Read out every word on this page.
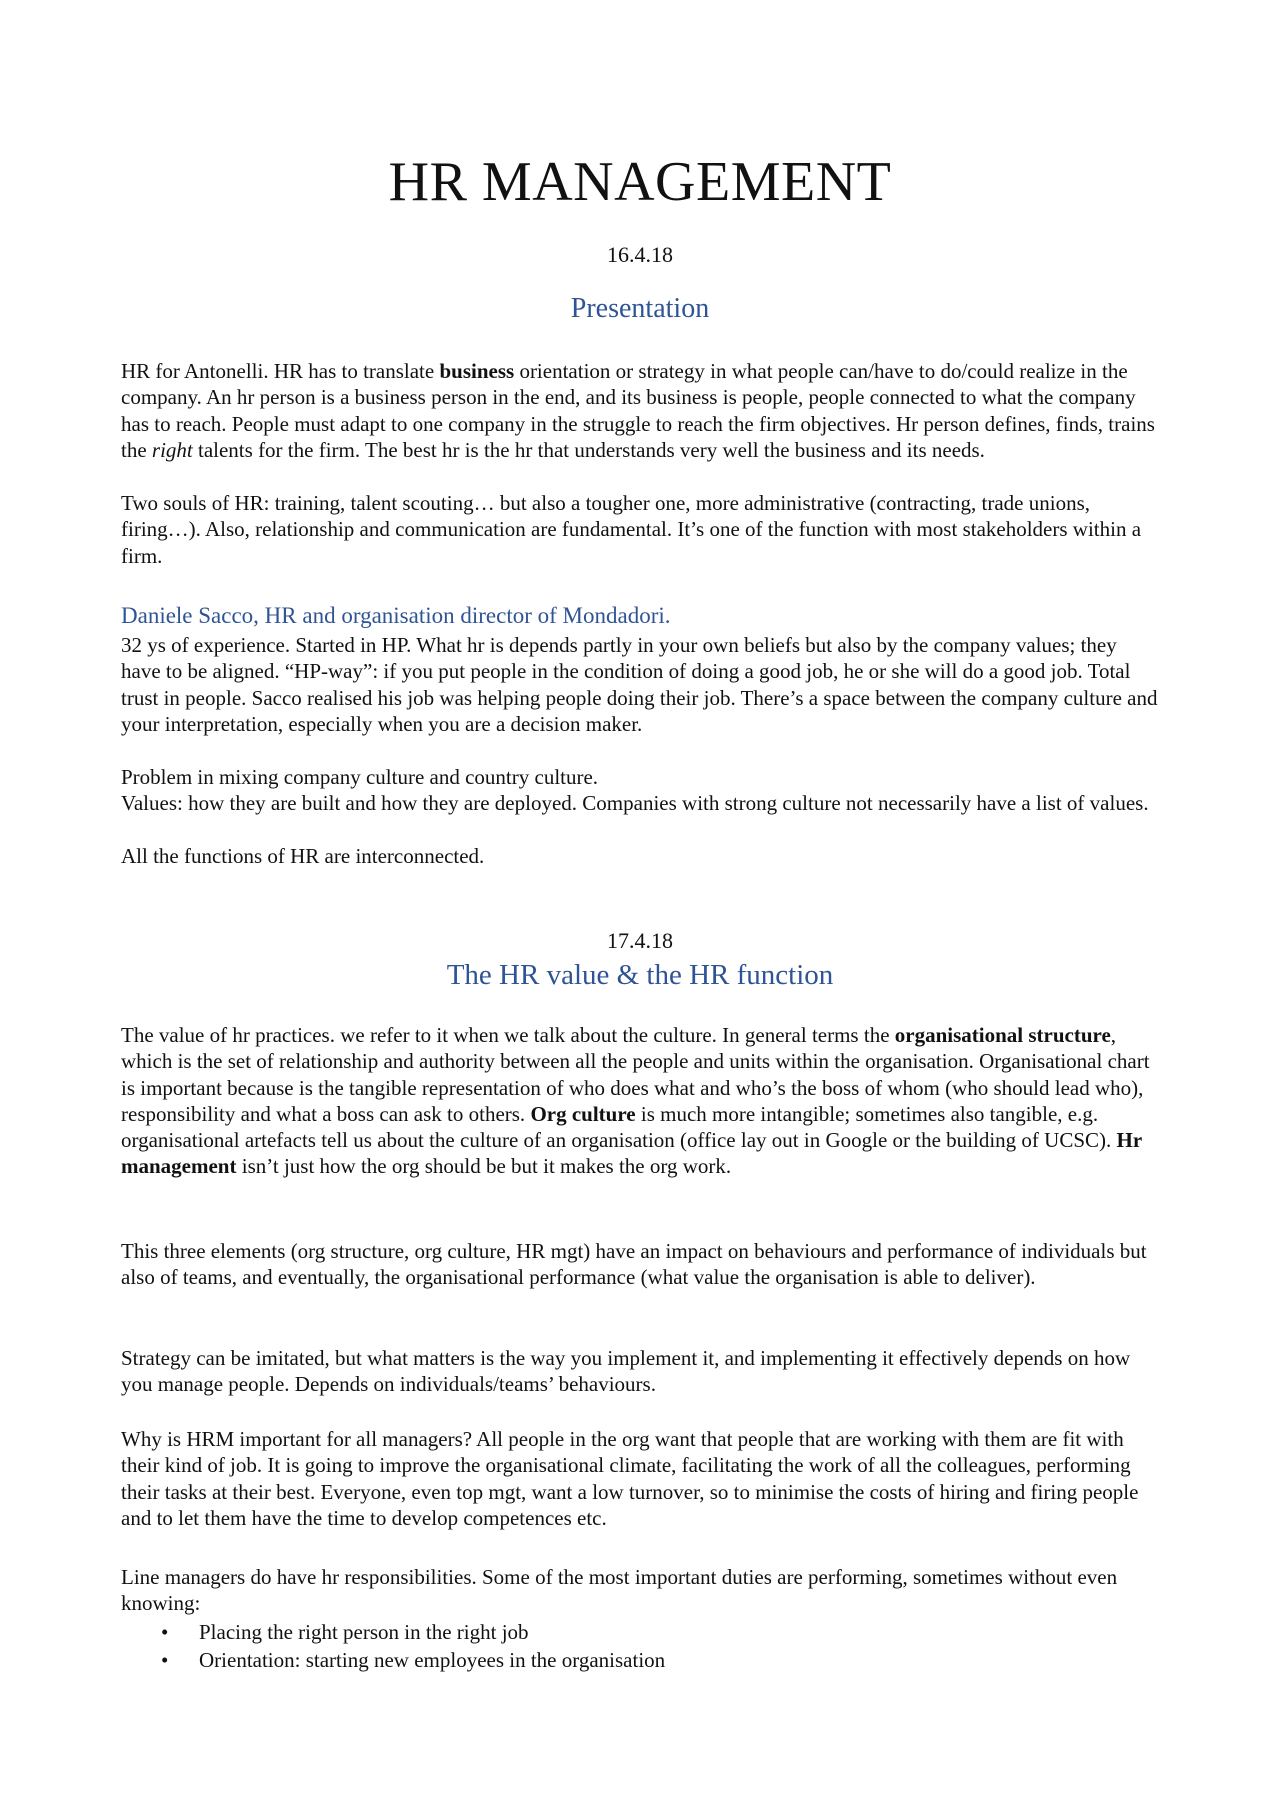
HR MANAGEMENT
16.4.18
Presentation
HR for Antonelli. HR has to translate business orientation or strategy in what people can/have to do/could realize in the company. An hr person is a business person in the end, and its business is people, people connected to what the company has to reach. People must adapt to one company in the struggle to reach the firm objectives. Hr person defines, finds, trains the right talents for the firm. The best hr is the hr that understands very well the business and its needs.
Two souls of HR: training, talent scouting… but also a tougher one, more administrative (contracting, trade unions, firing…). Also, relationship and communication are fundamental. It’s one of the function with most stakeholders within a firm.
Daniele Sacco, HR and organisation director of Mondadori.
32 ys of experience. Started in HP. What hr is depends partly in your own beliefs but also by the company values; they have to be aligned. “HP-way”: if you put people in the condition of doing a good job, he or she will do a good job. Total trust in people. Sacco realised his job was helping people doing their job. There’s a space between the company culture and your interpretation, especially when you are a decision maker.
Problem in mixing company culture and country culture.
Values: how they are built and how they are deployed. Companies with strong culture not necessarily have a list of values.
All the functions of HR are interconnected.
17.4.18
The HR value & the HR function
The value of hr practices. we refer to it when we talk about the culture. In general terms the organisational structure, which is the set of relationship and authority between all the people and units within the organisation. Organisational chart is important because is the tangible representation of who does what and who’s the boss of whom (who should lead who), responsibility and what a boss can ask to others. Org culture is much more intangible; sometimes also tangible, e.g. organisational artefacts tell us about the culture of an organisation (office lay out in Google or the building of UCSC). Hr management isn’t just how the org should be but it makes the org work.
This three elements (org structure, org culture, HR mgt) have an impact on behaviours and performance of individuals but also of teams, and eventually, the organisational performance (what value the organisation is able to deliver).
Strategy can be imitated, but what matters is the way you implement it, and implementing it effectively depends on how you manage people. Depends on individuals/teams’ behaviours.
Why is HRM important for all managers? All people in the org want that people that are working with them are fit with their kind of job. It is going to improve the organisational climate, facilitating the work of all the colleagues, performing their tasks at their best. Everyone, even top mgt, want a low turnover, so to minimise the costs of hiring and firing people and to let them have the time to develop competences etc.
Line managers do have hr responsibilities. Some of the most important duties are performing, sometimes without even knowing:
• Placing the right person in the right job
• Orientation: starting new employees in the organisation
